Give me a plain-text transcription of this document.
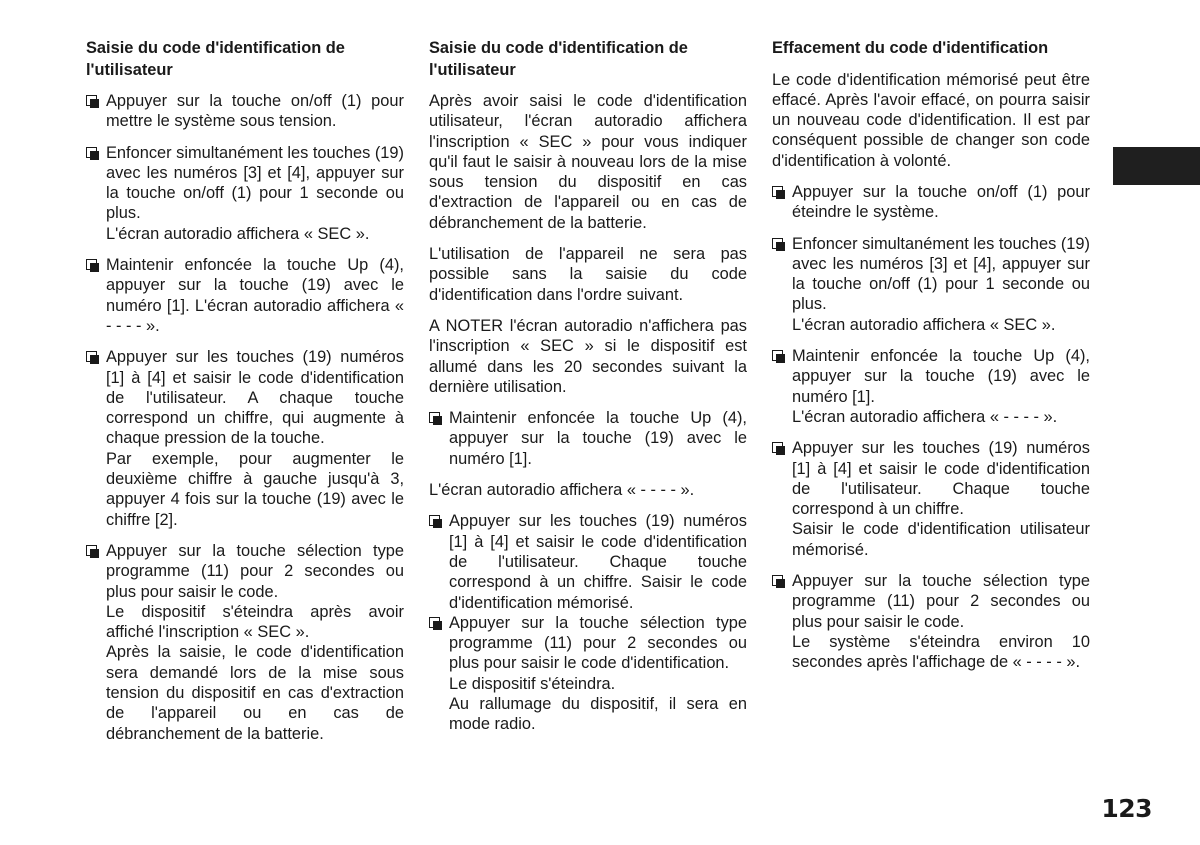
Saisie du code d'identification de l'utilisateur
Appuyer sur la touche on/off (1) pour mettre le système sous tension.
Enfoncer simultanément les touches (19) avec les numéros [3] et [4], appuyer sur la touche on/off (1) pour 1 seconde ou plus.
L'écran autoradio affichera « SEC ».
Maintenir enfoncée la touche Up (4), appuyer sur la touche (19) avec le numéro [1]. L'écran autoradio affichera « - - - - ».
Appuyer sur les touches (19) numéros [1] à [4] et saisir le code d'identification de l'utilisateur. A chaque touche correspond un chiffre, qui augmente à chaque pression de la touche.
Par exemple, pour augmenter le deuxième chiffre à gauche jusqu'à 3, appuyer 4 fois sur la touche (19) avec le chiffre [2].
Appuyer sur la touche sélection type programme (11) pour 2 secondes ou plus pour saisir le code.
Le dispositif s'éteindra après avoir affiché l'inscription « SEC ».
Après la saisie, le code d'identification sera demandé lors de la mise sous tension du dispositif en cas d'extraction de l'appareil ou en cas de débranchement de la batterie.
Saisie du code d'identification de l'utilisateur

Après avoir saisi le code d'identification utilisateur, l'écran autoradio affichera l'inscription « SEC » pour vous indiquer qu'il faut le saisir à nouveau lors de la mise sous tension du dispositif en cas d'extraction de l'appareil ou en cas de débranchement de la batterie.

L'utilisation de l'appareil ne sera pas possible sans la saisie du code d'identification dans l'ordre suivant.

A NOTER l'écran autoradio n'affichera pas l'inscription « SEC » si le dispositif est allumé dans les 20 secondes suivant la dernière utilisation.

Maintenir enfoncée la touche Up (4), appuyer sur la touche (19) avec le numéro [1].

L'écran autoradio affichera « - - - - ».

Appuyer sur les touches (19) numéros [1] à [4] et saisir le code d'identification de l'utilisateur. Chaque touche correspond à un chiffre. Saisir le code d'identification mémorisé.
Appuyer sur la touche sélection type programme (11) pour 2 secondes ou plus pour saisir le code d'identification.
Le dispositif s'éteindra.
Au rallumage du dispositif, il sera en mode radio.
Effacement du code d'identification

Le code d'identification mémorisé peut être effacé. Après l'avoir effacé, on pourra saisir un nouveau code d'identification. Il est par conséquent possible de changer son code d'identification à volonté.

Appuyer sur la touche on/off (1) pour éteindre le système.
Enfoncer simultanément les touches (19) avec les numéros [3] et [4], appuyer sur la touche on/off (1) pour 1 seconde ou plus.
L'écran autoradio affichera « SEC ».
Maintenir enfoncée la touche Up (4), appuyer sur la touche (19) avec le numéro [1].
L'écran autoradio affichera « - - - - ».
Appuyer sur les touches (19) numéros [1] à [4] et saisir le code d'identification de l'utilisateur. Chaque touche correspond à un chiffre.
Saisir le code d'identification utilisateur mémorisé.
Appuyer sur la touche sélection type programme (11) pour 2 secondes ou plus pour saisir le code.
Le système s'éteindra environ 10 secondes après l'affichage de « - - - - ».
123
